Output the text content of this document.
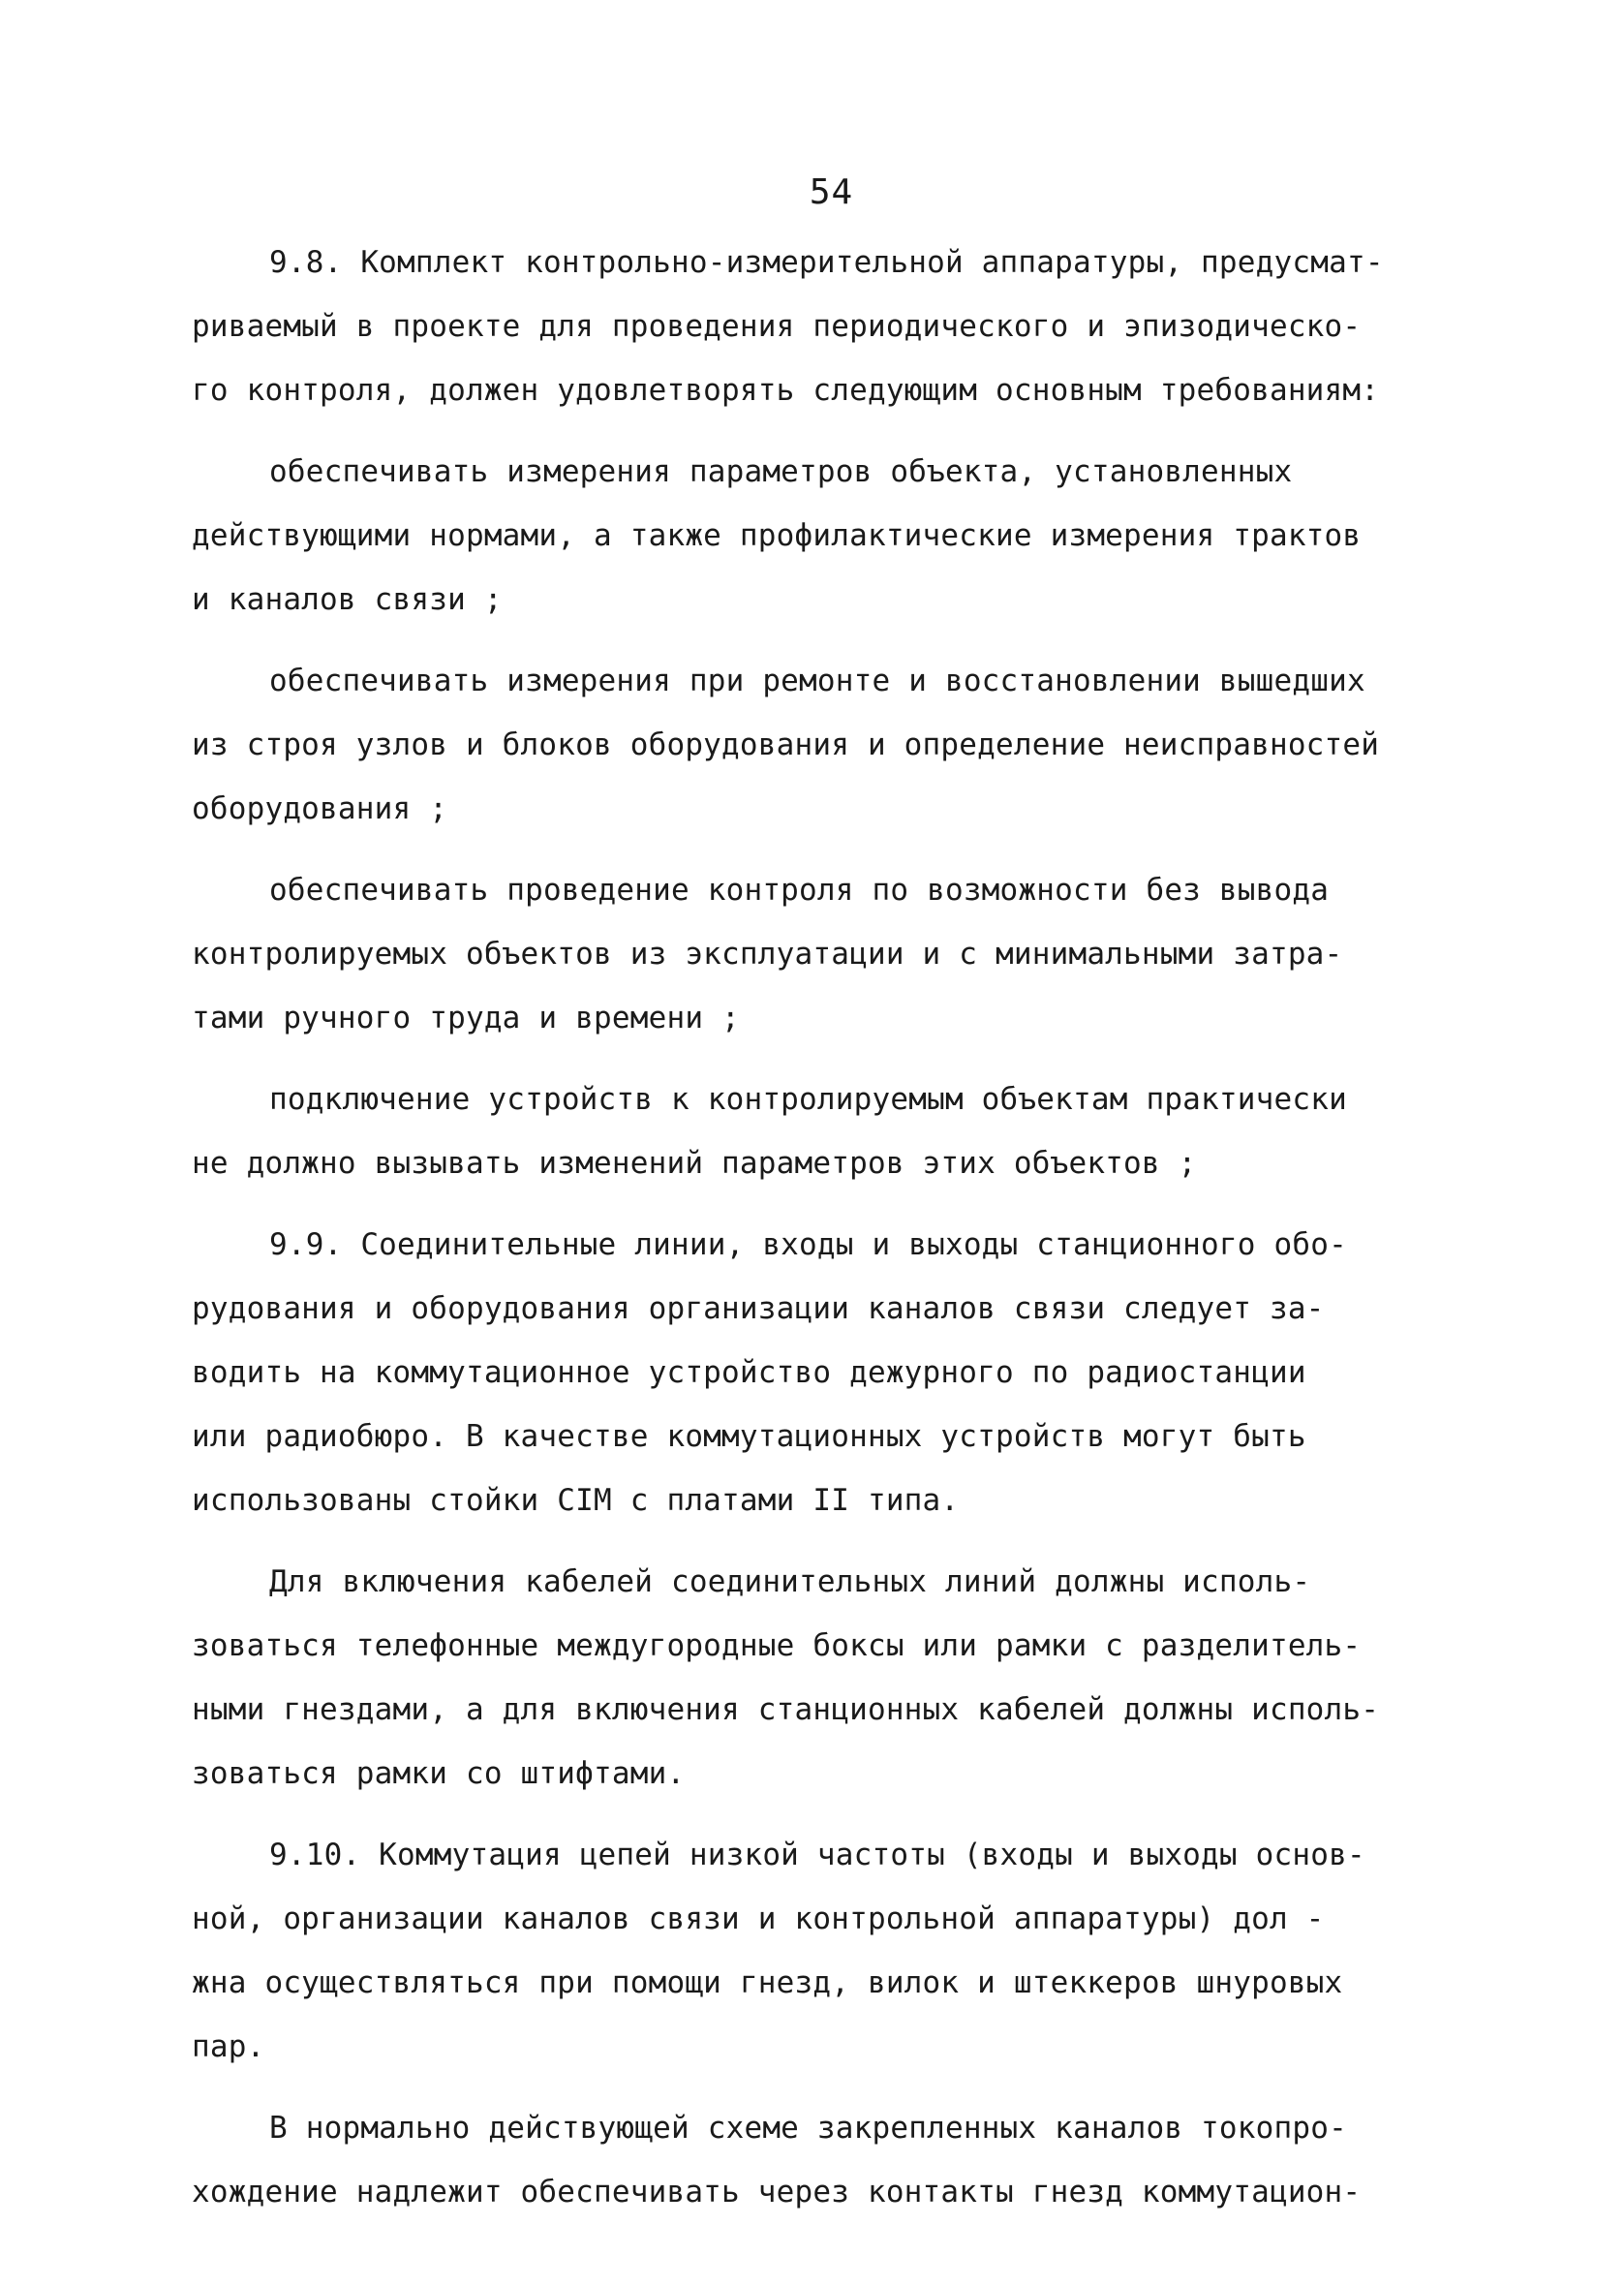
54
9.8. Комплект контрольно-измерительной аппаратуры, предусмат-
риваемый в проекте для проведения периодического и эпизодическо-
го контроля, должен удовлетворять следующим основным требованиям:
обеспечивать измерения параметров объекта, установленных
действующими нормами, а также профилактические измерения трактов
и каналов связи ;
обеспечивать измерения при ремонте и восстановлении вышедших
из строя узлов и блоков оборудования и определение неисправностей
оборудования ;
обеспечивать проведение контроля по возможности без вывода
контролируемых объектов из эксплуатации и с минимальными затра-
тами ручного труда и времени ;
подключение устройств к контролируемым объектам практически
не должно вызывать изменений параметров этих объектов ;
9.9. Соединительные линии, входы и выходы станционного обо-
рудования и оборудования организации каналов связи следует за-
водить на коммутационное устройство дежурного по радиостанции
или радиобюро. В качестве коммутационных устройств могут быть
использованы стойки СІМ с платами ІІ типа.
Для включения кабелей соединительных линий должны исполь-
зоваться телефонные междугородные боксы или рамки с разделитель-
ными гнездами, а для включения станционных кабелей должны исполь-
зоваться рамки со штифтами.
9.10. Коммутация цепей низкой частоты (входы и выходы основ-
ной, организации каналов связи и контрольной аппаратуры) дол -
жна осуществляться при помощи гнезд, вилок и штеккеров шнуровых
пар.
В нормально действующей схеме закрепленных каналов токопро-
хождение надлежит обеспечивать через контакты гнезд коммутацион-
